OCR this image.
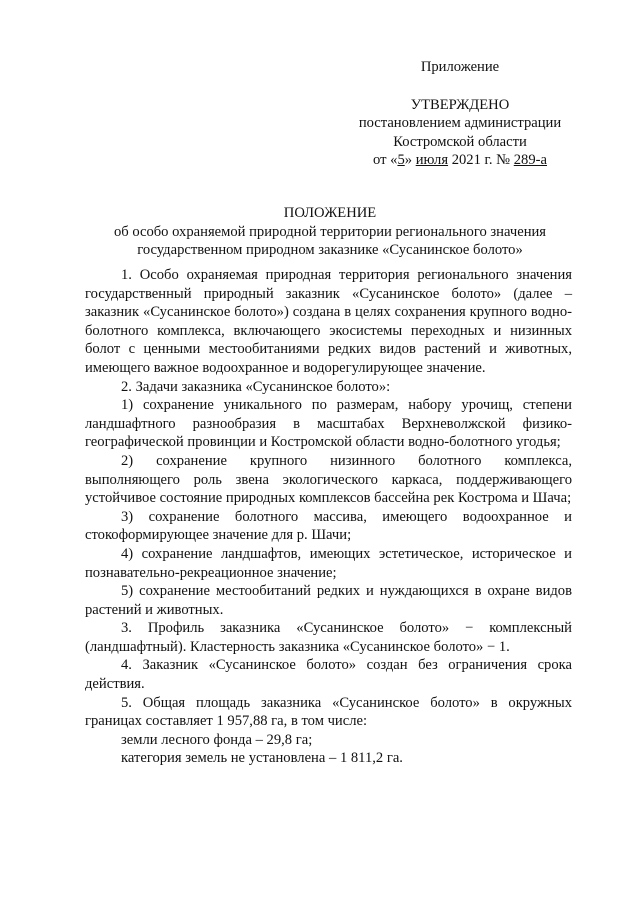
Приложение
УТВЕРЖДЕНО
постановлением администрации
Костромской области
от «5» июля 2021 г. № 289-а
ПОЛОЖЕНИЕ
об особо охраняемой природной территории регионального значения
государственном природном заказнике «Сусанинское болото»

1. Особо охраняемая природная территория регионального значения государственный природный заказник «Сусанинское болото» (далее – заказник «Сусанинское болото») создана в целях сохранения крупного водно-болотного комплекса, включающего экосистемы переходных и низинных болот с ценными местообитаниями редких видов растений и животных, имеющего важное водоохранное и водорегулирующее значение.

2. Задачи заказника «Сусанинское болото»:

1) сохранение уникального по размерам, набору урочищ, степени ландшафтного разнообразия в масштабах Верхневолжской физико-географической провинции и Костромской области водно-болотного угодья;

2) сохранение крупного низинного болотного комплекса, выполняющего роль звена экологического каркаса, поддерживающего устойчивое состояние природных комплексов бассейна рек Кострома и Шача;

3) сохранение болотного массива, имеющего водоохранное и стокоформирующее значение для р. Шачи;

4) сохранение ландшафтов, имеющих эстетическое, историческое и познавательно-рекреационное значение;

5) сохранение местообитаний редких и нуждающихся в охране видов растений и животных.

3. Профиль заказника «Сусанинское болото» − комплексный (ландшафтный). Кластерность заказника «Сусанинское болото» − 1.

4. Заказник «Сусанинское болото» создан без ограничения срока действия.

5. Общая площадь заказника «Сусанинское болото» в окружных границах составляет 1 957,88 га, в том числе:

земли лесного фонда – 29,8 га;

категория земель не установлена – 1 811,2 га.
